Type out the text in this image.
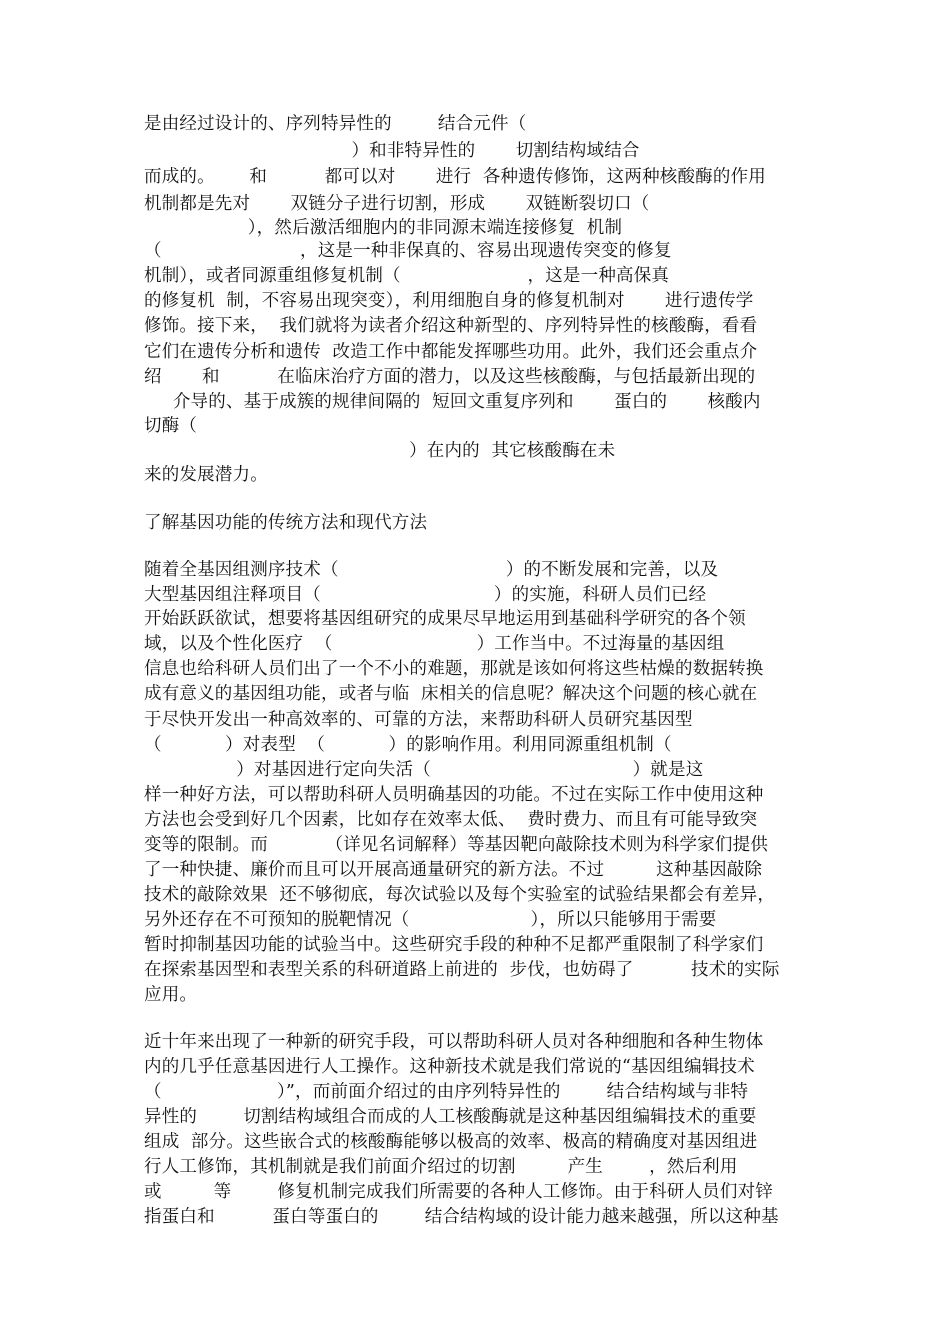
是由经过设计的、序列特异性的        结合元件（
）和非特异性的       切割结构域结合
而成的。      和          都可以对       进行  各种遗传修饰，这两种核酸酶的作用
机制都是先对       双链分子进行切割，形成       双链断裂切口（
），然后激活细胞内的非同源末端连接修复  机制
（                        ，这是一种非保真的、容易出现遗传突变的修复
机制），或者同源重组修复机制（                      ，这是一种高保真
的修复机  制，不容易出现突变），利用细胞自身的修复机制对       进行遗传学
修饰。接下来，  我们就将为读者介绍这种新型的、序列特异性的核酸酶，看看
它们在遗传分析和遗传  改造工作中都能发挥哪些功用。此外，我们还会重点介
绍       和          在临床治疗方面的潜力，以及这些核酸酶，与包括最新出现的
介导的、基于成簇的规律间隔的  短回文重复序列和       蛋白的       核酸内
切酶（
）在内的  其它核酸酶在未
来的发展潜力。
了解基因功能的传统方法和现代方法
随着全基因组测序技术（                             ）的不断发展和完善，以及
大型基因组注释项目（                              ）的实施，科研人员们已经
开始跃跃欲试，想要将基因组研究的成果尽早地运用到基础科学研究的各个领
域，以及个性化医疗  （                         ）工作当中。不过海量的基因组
信息也给科研人员们出了一个不小的难题，那就是该如何将这些枯燥的数据转换
成有意义的基因组功能，或者与临  床相关的信息呢？解决这个问题的核心就在
于尽快开发出一种高效率的、可靠的方法，来帮助科研人员研究基因型
（           ）对表型  （           ）的影响作用。利用同源重组机制（
）对基因进行定向失活（                                   ）就是这
样一种好方法，可以帮助科研人员明确基因的功能。不过在实际工作中使用这种
方法也会受到好几个因素，比如存在效率太低、  费时费力、而且有可能导致突
变等的限制。而          （详见名词解释）等基因靶向敲除技术则为科学家们提供
了一种快捷、廉价而且可以开展高通量研究的新方法。不过         这种基因敲除
技术的敲除效果  还不够彻底，每次试验以及每个实验室的试验结果都会有差异，
另外还存在不可预知的脱靶情况（                     ），所以只能够用于需要
暂时抑制基因功能的试验当中。这些研究手段的种种不足都严重限制了科学家们
在探索基因型和表型关系的科研道路上前进的  步伐，也妨碍了          技术的实际
应用。
近十年来出现了一种新的研究手段，可以帮助科研人员对各种细胞和各种生物体
内的几乎任意基因进行人工操作。这种新技术就是我们常说的“基因组编辑技术
（                    ）”，而前面介绍过的由序列特异性的        结合结构域与非特
异性的        切割结构域组合而成的人工核酸酶就是这种基因组编辑技术的重要
组成  部分。这些嵌合式的核酸酶能够以极高的效率、极高的精确度对基因组进
行人工修饰，其机制就是我们前面介绍过的切割         产生        ，然后利用
或         等        修复机制完成我们所需要的各种人工修饰。由于科研人员们对锌
指蛋白和          蛋白等蛋白的        结合结构域的设计能力越来越强，所以这种基
